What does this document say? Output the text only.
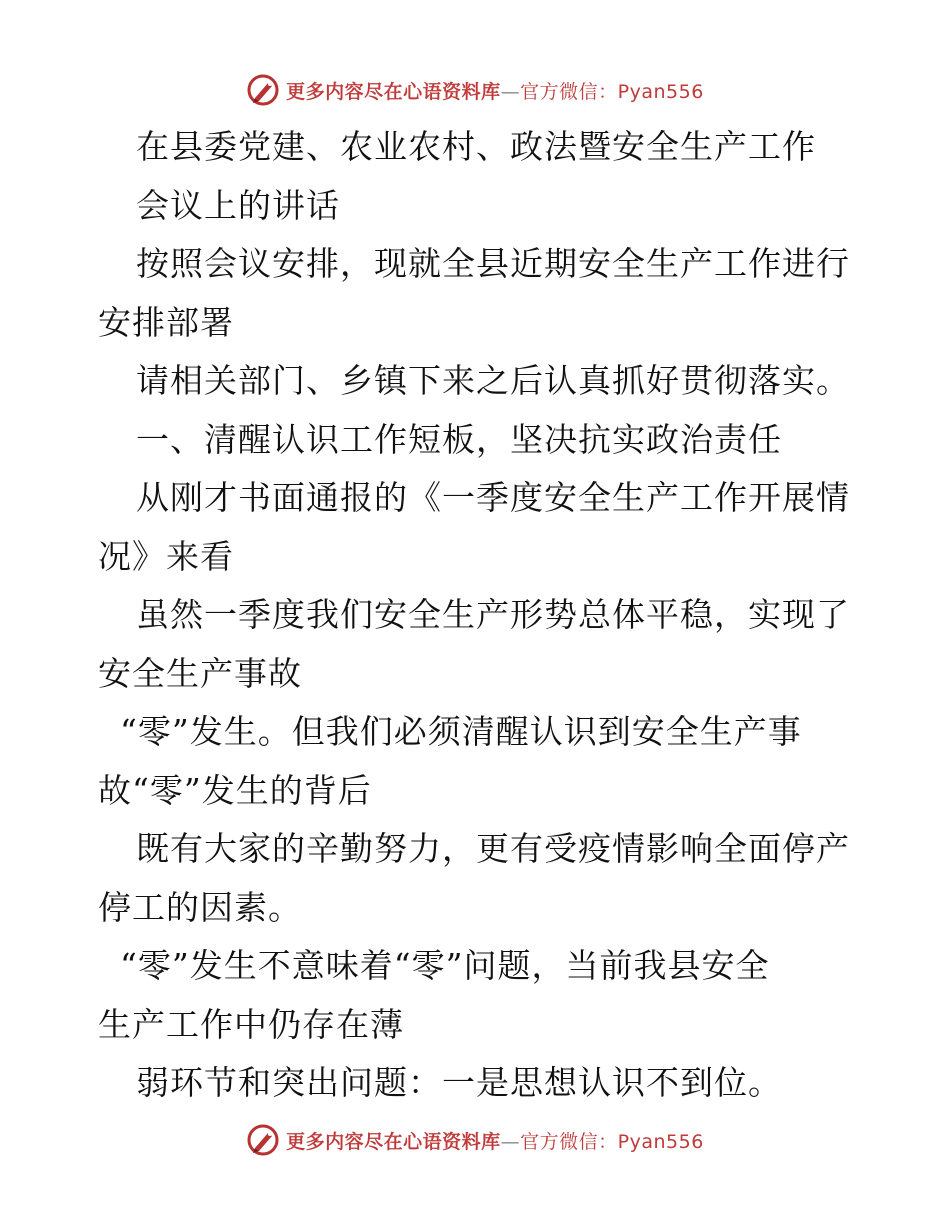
更多内容尽在心语资料库—官方微信：Pyan556
在县委党建、农业农村、政法暨安全生产工作
会议上的讲话
按照会议安排，现就全县近期安全生产工作进行
安排部署
请相关部门、乡镇下来之后认真抓好贯彻落实。
一、清醒认识工作短板，坚决抗实政治责任
从刚才书面通报的《一季度安全生产工作开展情
况》来看
虽然一季度我们安全生产形势总体平稳，实现了
安全生产事故
“零”发生。但我们必须清醒认识到安全生产事
故“零”发生的背后
既有大家的辛勤努力，更有受疫情影响全面停产
停工的因素。
“零”发生不意味着“零”问题，当前我县安全
生产工作中仍存在薄
弱环节和突出问题：一是思想认识不到位。
更多内容尽在心语资料库—官方微信：Pyan556
